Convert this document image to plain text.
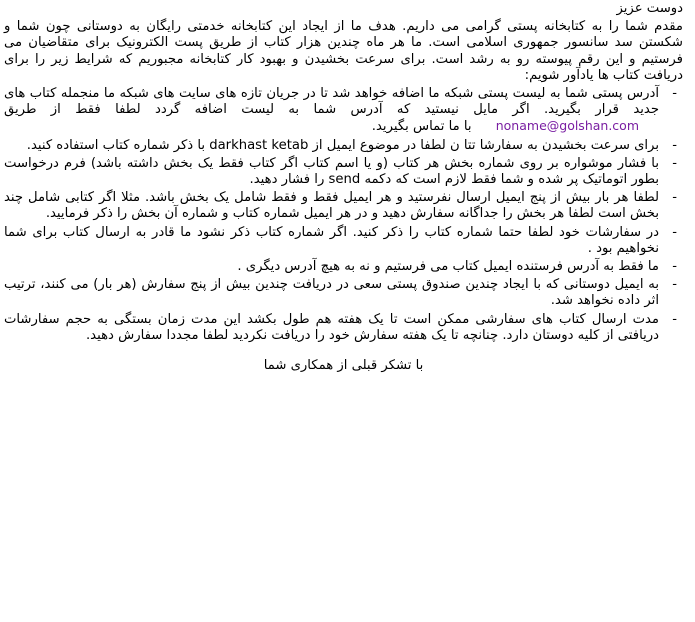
دوست عزیز
مقدم شما را به کتابخانه پستی گرامی می داریم. هدف ما از ایجاد این کتابخانه خدمتی رایگان به دوستانی چون شما و شکستن سد سانسور جمهوری اسلامی است. ما هر ماه چندین هزار کتاب از طریق پست الکترونیک برای متقاضیان می فرستیم و این رقم پیوسته رو به رشد است. برای سرعت بخشیدن و بهبود کار کتابخانه مجبوریم که شرایط زیر را برای دریافت کتاب ها یادآور شویم:
-
آدرس پستی شما به لیست پستی شبکه ما اضافه خواهد شد تا در جریان تازه های سایت های شبکه ما منجمله کتاب های جدید قرار بگیرید. اگر مایل نیستید که آدرس شما به لیست اضافه گردد لطفا فقط از طریق noname@golshan.com با ما تماس بگیرید.
-
برای سرعت بخشیدن به سفارشا تتا ن لطفا در موضوع ایمیل از darkhast ketab با ذکر شماره کتاب استفاده کنید.
-
با فشار موشواره بر روی شماره بخش هر کتاب (و یا اسم کتاب اگر کتاب فقط یک بخش داشته باشد) فرم درخواست بطور اتوماتیک پر شده و شما فقط لازم است که دکمه send را فشار دهید.
-
لطفا هر بار بیش از پنج ایمیل ارسال نفرستید و هر ایمیل فقط و فقط شامل یک بخش باشد. مثلا اگر کتابی شامل چند بخش است لطفا هر بخش را جداگانه سفارش دهید و در هر ایمیل شماره کتاب و شماره آن بخش را ذکر فرمایید.
-
در سفارشات خود لطفا حتما شماره کتاب را ذکر کنید. اگر شماره کتاب ذکر نشود ما قادر به ارسال کتاب برای شما نخواهیم بود .
-
ما فقط به آدرس فرستنده ایمیل کتاب می فرستیم و نه به هیچ آدرس دیگری .
-
به ایمیل دوستانی که با ایجاد چندین صندوق پستی سعی در دریافت چندین بیش از پنج سفارش (هر بار) می کنند، ترتیب اثر داده نخواهد شد.
-
مدت ارسال کتاب های سفارشی ممکن است تا یک هفته هم طول بکشد این مدت زمان بستگی به حجم سفارشات دریافتی از کلیه دوستان دارد. چنانچه تا یک هفته سفارش خود را دریافت نکردید لطفا مجددا سفارش دهید.
با تشکر قبلی از همکاری شما
